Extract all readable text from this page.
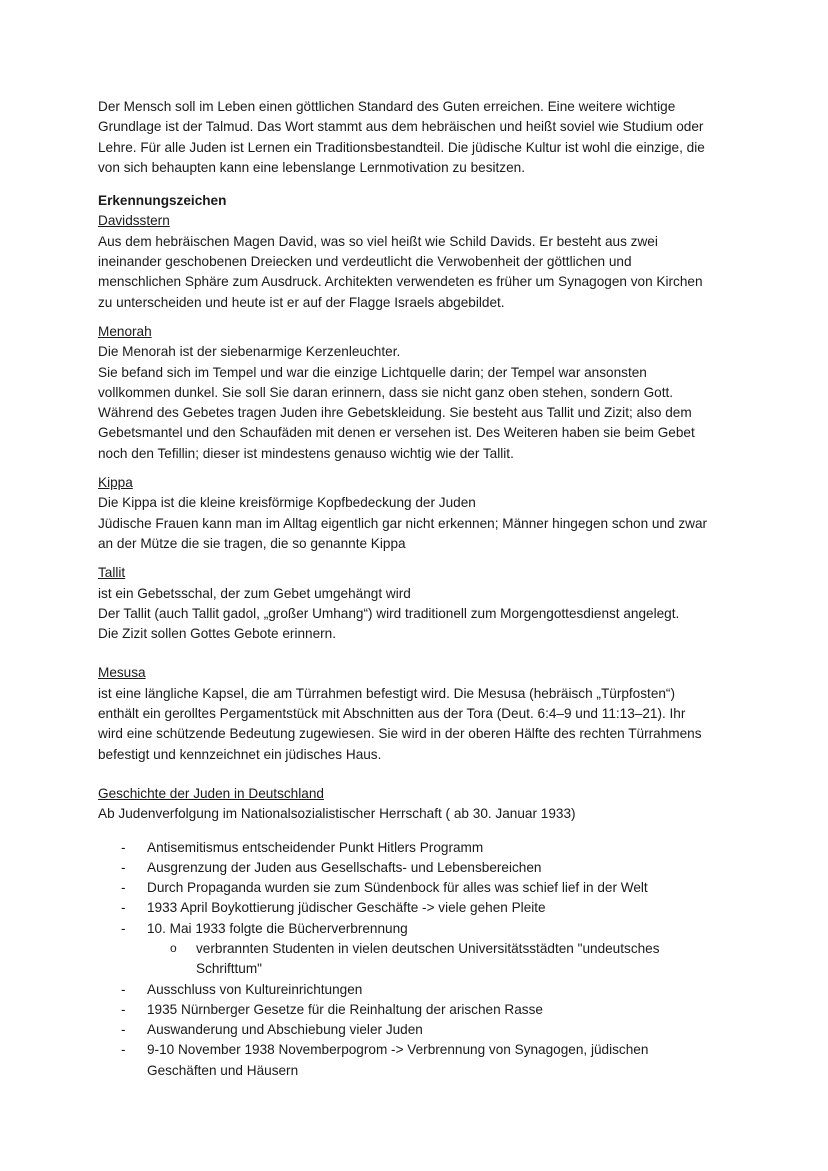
Der Mensch soll im Leben einen göttlichen Standard des Guten erreichen. Eine weitere wichtige

Grundlage ist der Talmud. Das Wort stammt aus dem hebräischen und heißt soviel wie Studium oder

Lehre. Für alle Juden ist Lernen ein Traditionsbestandteil. Die jüdische Kultur ist wohl die einzige, die

von sich behaupten kann eine lebenslange Lernmotivation zu besitzen.

Erkennungszeichen

Davidsstern

Aus dem hebräischen Magen David, was so viel heißt wie Schild Davids. Er besteht aus zwei

ineinander geschobenen Dreiecken und verdeutlicht die Verwobenheit der göttlichen und

menschlichen Sphäre zum Ausdruck. Architekten verwendeten es früher um Synagogen von Kirchen

zu unterscheiden und heute ist er auf der Flagge Israels abgebildet.

Menorah

Die Menorah ist der siebenarmige Kerzenleuchter.

Sie befand sich im Tempel und war die einzige Lichtquelle darin; der Tempel war ansonsten

vollkommen dunkel. Sie soll Sie daran erinnern, dass sie nicht ganz oben stehen, sondern Gott.

Während des Gebetes tragen Juden ihre Gebetskleidung. Sie besteht aus Tallit und Zizit; also dem

Gebetsmantel und den Schaufäden mit denen er versehen ist. Des Weiteren haben sie beim Gebet

noch den Tefillin; dieser ist mindestens genauso wichtig wie der Tallit.

Kippa

Die Kippa ist die kleine kreisförmige Kopfbedeckung der Juden

Jüdische Frauen kann man im Alltag eigentlich gar nicht erkennen; Männer hingegen schon und zwar

an der Mütze die sie tragen, die so genannte Kippa

Tallit

ist ein Gebetsschal, der zum Gebet umgehängt wird

Der Tallit (auch Tallit gadol, „großer Umhang“) wird traditionell zum Morgengottesdienst angelegt.

Die Zizit sollen Gottes Gebote erinnern.

Mesusa

ist eine längliche Kapsel, die am Türrahmen befestigt wird. Die Mesusa (hebräisch „Türpfosten“)

enthält ein gerolltes Pergamentstück mit Abschnitten aus der Tora (Deut. 6:4–9 und 11:13–21). Ihr

wird eine schützende Bedeutung zugewiesen. Sie wird in der oberen Hälfte des rechten Türrahmens

befestigt und kennzeichnet ein jüdisches Haus.

Geschichte der Juden in Deutschland

Ab Judenverfolgung im Nationalsozialistischer Herrschaft ( ab 30. Januar 1933)

- Antisemitismus entscheidender Punkt Hitlers Programm
- Ausgrenzung der Juden aus Gesellschafts- und Lebensbereichen
- Durch Propaganda wurden sie zum Sündenbock für alles was schief lief in der Welt
- 1933 April Boykottierung jüdischer Geschäfte -> viele gehen Pleite
- 10. Mai 1933 folgte die Bücherverbrennung
o verbrannten Studenten in vielen deutschen Universitätsstädten "undeutsches
Schrifttum"
- Ausschluss von Kultureinrichtungen
- 1935 Nürnberger Gesetze für die Reinhaltung der arischen Rasse
- Auswanderung und Abschiebung vieler Juden
- 9-10 November 1938 Novemberpogrom -> Verbrennung von Synagogen, jüdischen
Geschäften und Häusern
